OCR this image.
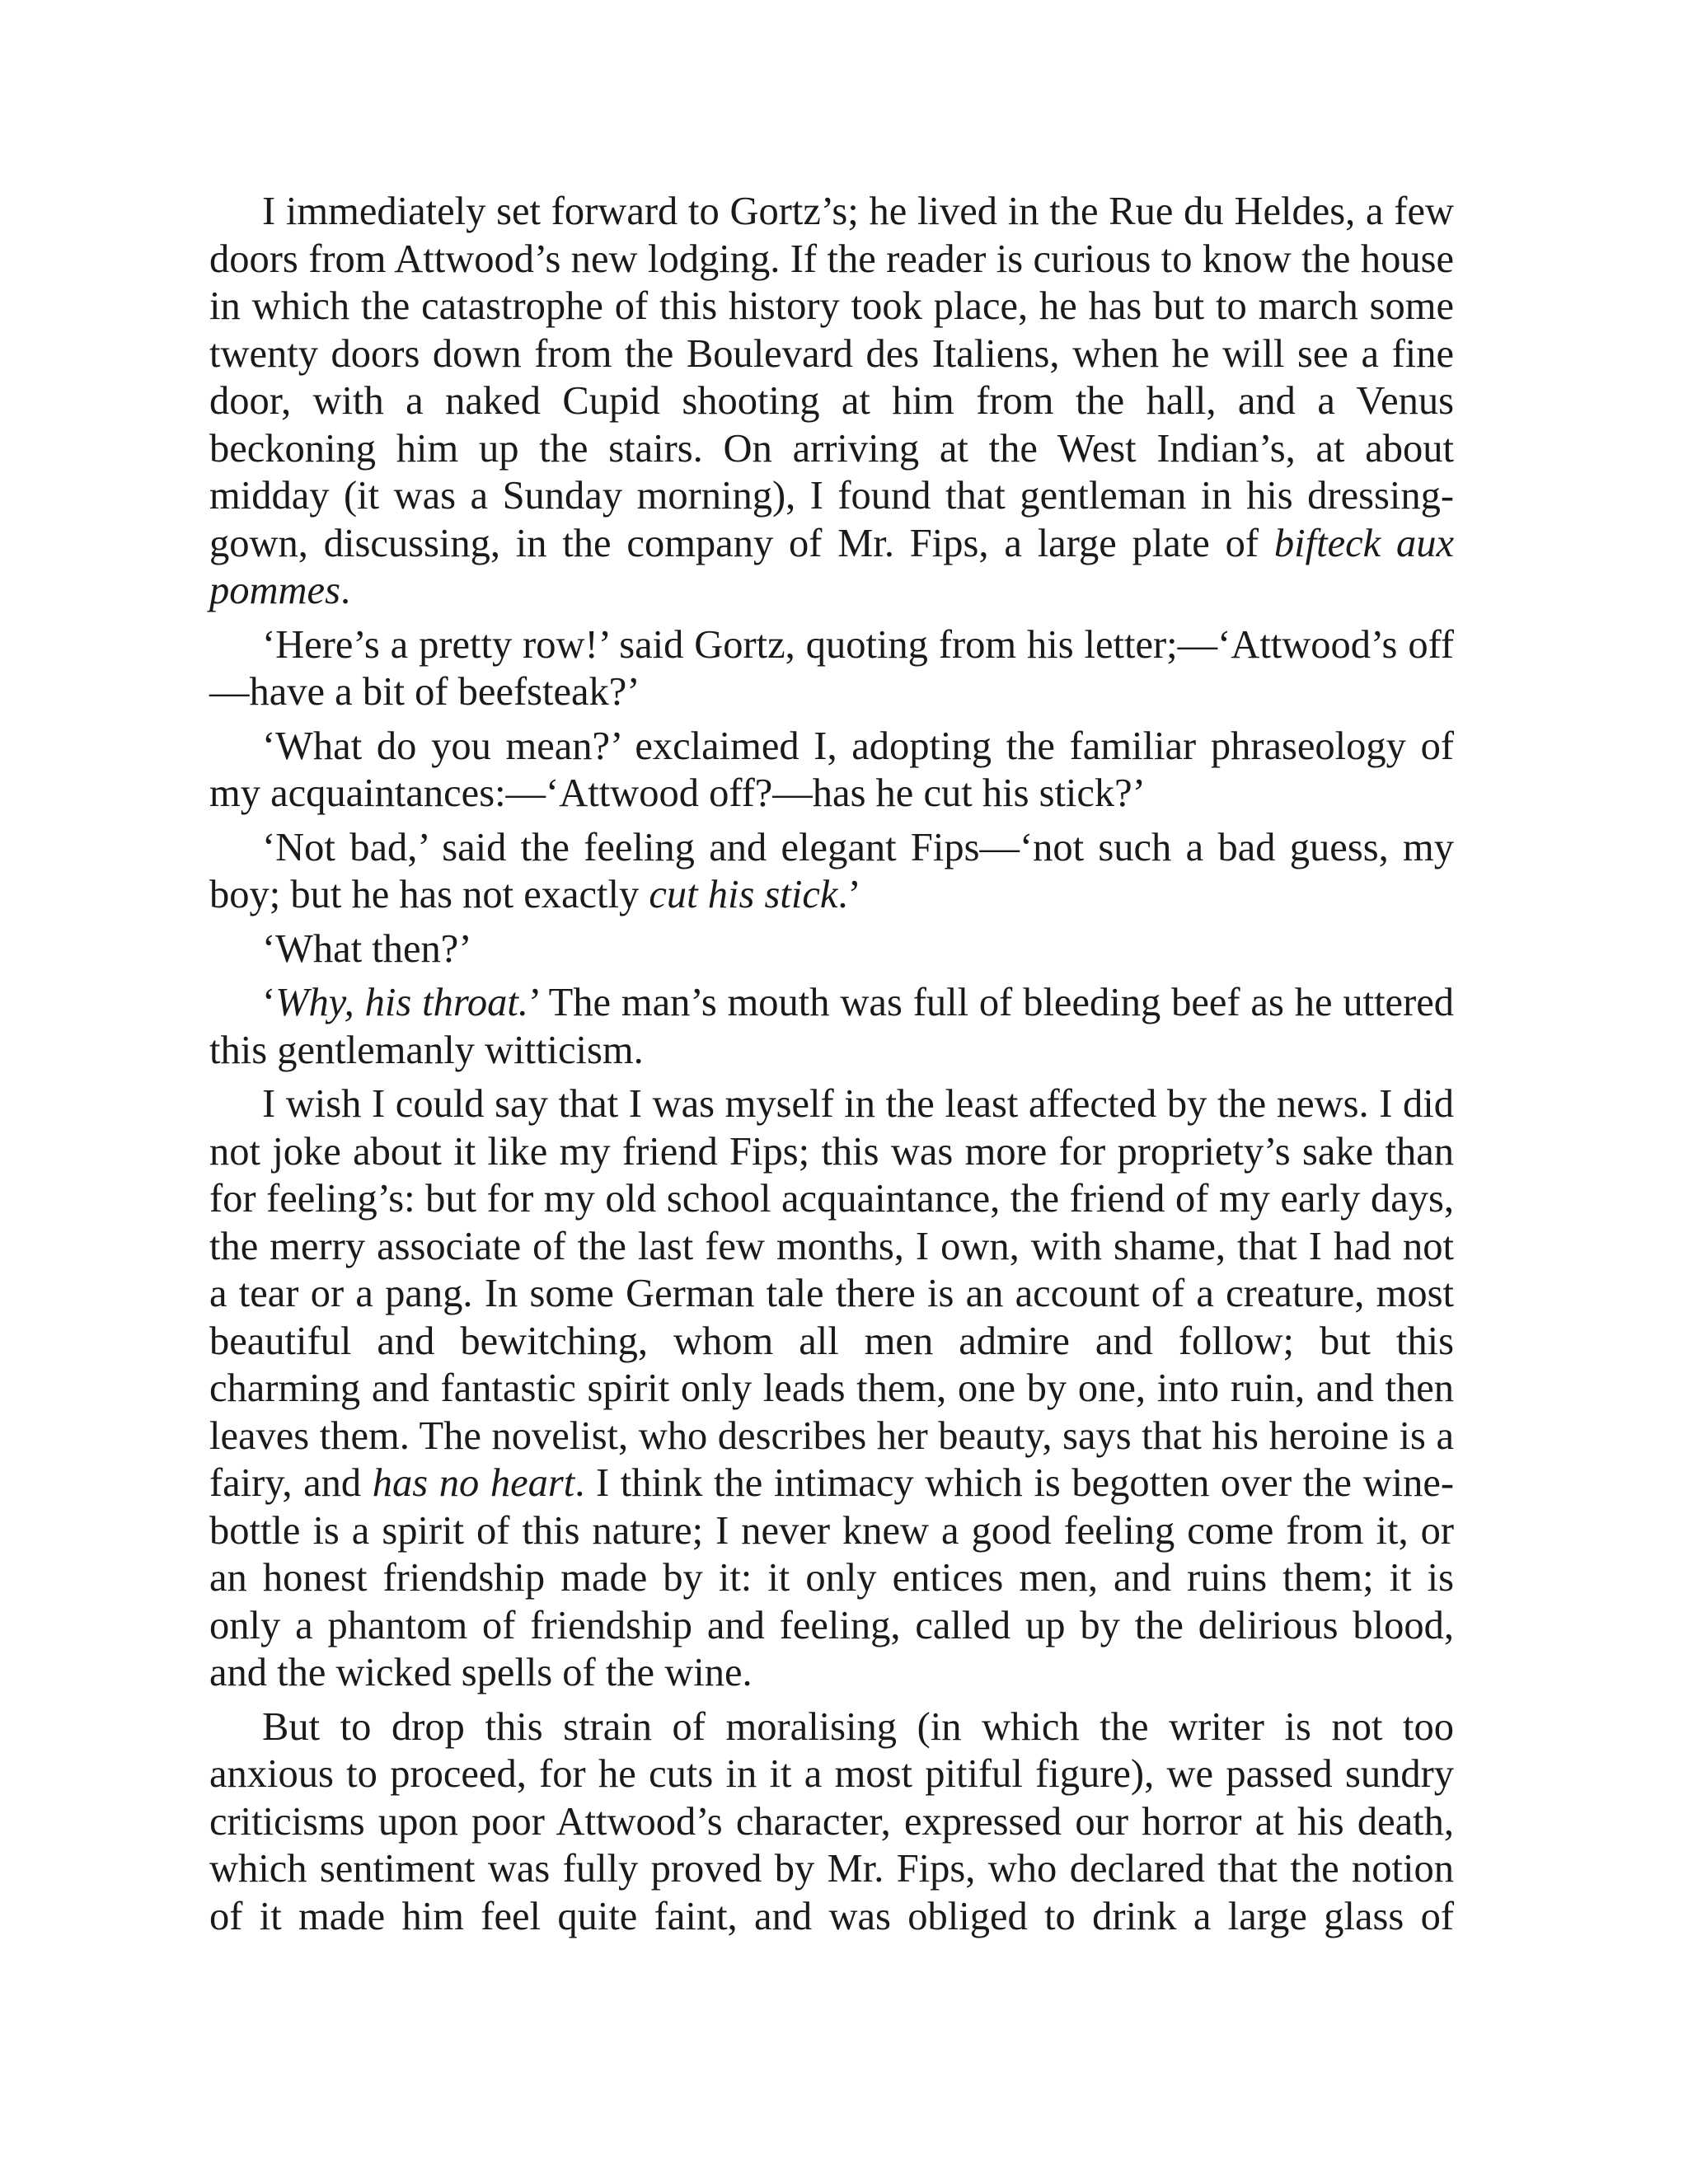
I immediately set forward to Gortz’s; he lived in the Rue du Heldes, a few doors from Attwood’s new lodging. If the reader is curious to know the house in which the catastrophe of this history took place, he has but to march some twenty doors down from the Boulevard des Italiens, when he will see a fine door, with a naked Cupid shooting at him from the hall, and a Venus beckoning him up the stairs. On arriving at the West Indian’s, at about midday (it was a Sunday morning), I found that gentleman in his dressing-gown, discussing, in the company of Mr. Fips, a large plate of bifteck aux pommes.

‘Here’s a pretty row!’ said Gortz, quoting from his letter;—‘Attwood’s off—have a bit of beefsteak?’

‘What do you mean?’ exclaimed I, adopting the familiar phraseology of my acquaintances:—‘Attwood off?—has he cut his stick?’

‘Not bad,’ said the feeling and elegant Fips—‘not such a bad guess, my boy; but he has not exactly cut his stick.’

‘What then?’

‘Why, his throat.’ The man’s mouth was full of bleeding beef as he uttered this gentlemanly witticism.

I wish I could say that I was myself in the least affected by the news. I did not joke about it like my friend Fips; this was more for propriety’s sake than for feeling’s: but for my old school acquaintance, the friend of my early days, the merry associate of the last few months, I own, with shame, that I had not a tear or a pang. In some German tale there is an account of a creature, most beautiful and bewitching, whom all men admire and follow; but this charming and fantastic spirit only leads them, one by one, into ruin, and then leaves them. The novelist, who describes her beauty, says that his heroine is a fairy, and has no heart. I think the intimacy which is begotten over the wine-bottle is a spirit of this nature; I never knew a good feeling come from it, or an honest friendship made by it: it only entices men, and ruins them; it is only a phantom of friendship and feeling, called up by the delirious blood, and the wicked spells of the wine.

But to drop this strain of moralising (in which the writer is not too anxious to proceed, for he cuts in it a most pitiful figure), we passed sundry criticisms upon poor Attwood’s character, expressed our horror at his death, which sentiment was fully proved by Mr. Fips, who declared that the notion of it made him feel quite faint, and was obliged to drink a large glass of
